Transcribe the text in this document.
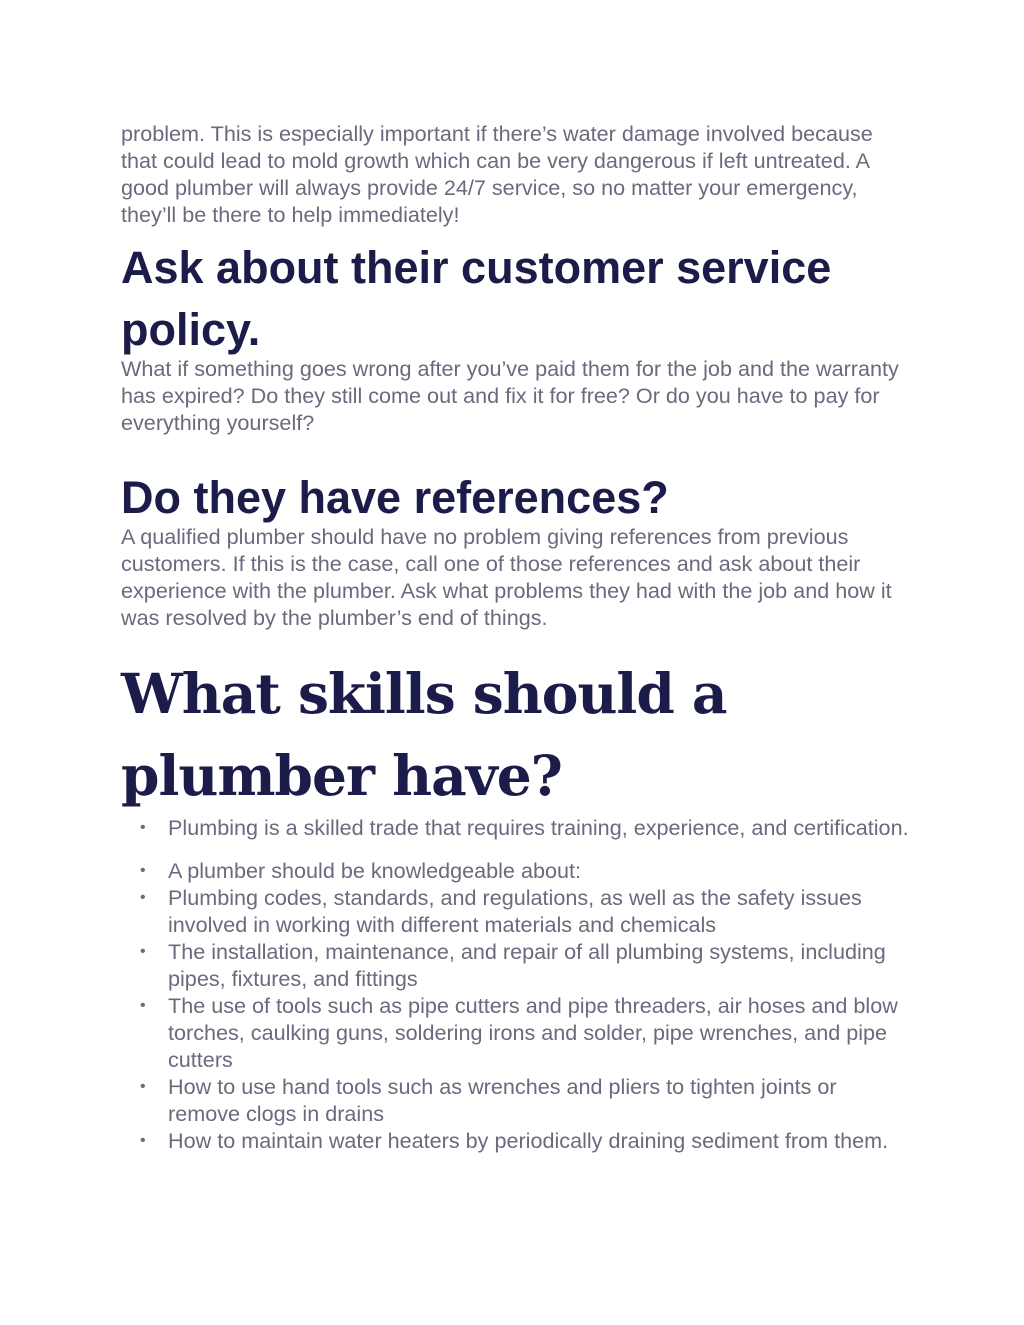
problem. This is especially important if there’s water damage involved because that could lead to mold growth which can be very dangerous if left untreated. A good plumber will always provide 24/7 service, so no matter your emergency, they’ll be there to help immediately!

Ask about their customer service policy.

What if something goes wrong after you’ve paid them for the job and the warranty has expired? Do they still come out and fix it for free? Or do you have to pay for everything yourself?

Do they have references?

A qualified plumber should have no problem giving references from previous customers. If this is the case, call one of those references and ask about their experience with the plumber. Ask what problems they had with the job and how it was resolved by the plumber’s end of things.

What skills should a plumber have?
• Plumbing is a skilled trade that requires training, experience, and certification.
• A plumber should be knowledgeable about:
• Plumbing codes, standards, and regulations, as well as the safety issues involved in working with different materials and chemicals
• The installation, maintenance, and repair of all plumbing systems, including pipes, fixtures, and fittings
• The use of tools such as pipe cutters and pipe threaders, air hoses and blow torches, caulking guns, soldering irons and solder, pipe wrenches, and pipe cutters
• How to use hand tools such as wrenches and pliers to tighten joints or remove clogs in drains
• How to maintain water heaters by periodically draining sediment from them.
